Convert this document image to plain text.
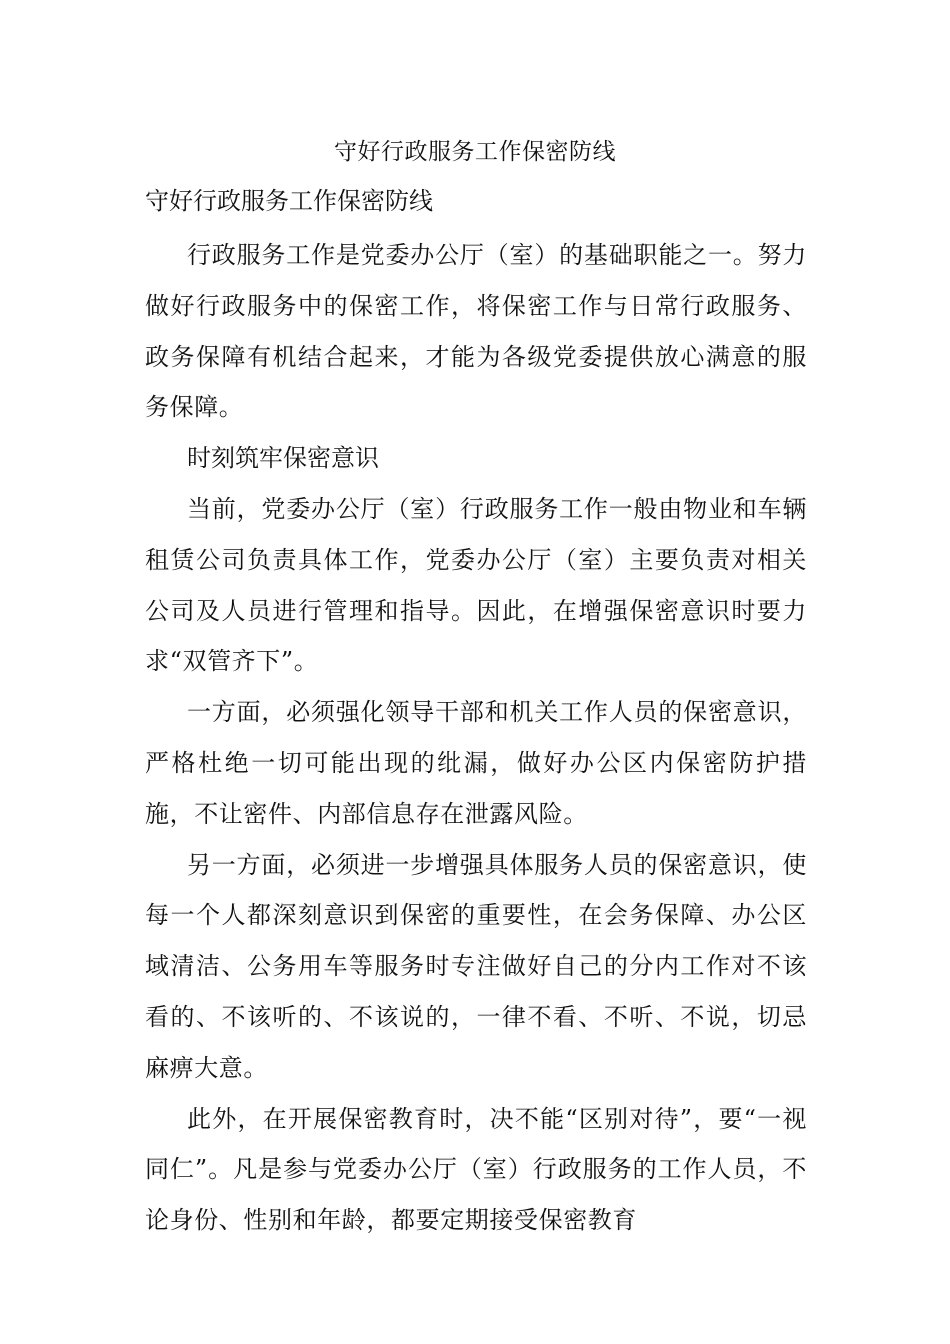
守好行政服务工作保密防线
守好行政服务工作保密防线

行政服务工作是党委办公厅（室）的基础职能之一。努力做好行政服务中的保密工作，将保密工作与日常行政服务、政务保障有机结合起来，才能为各级党委提供放心满意的服务保障。

时刻筑牢保密意识

当前，党委办公厅（室）行政服务工作一般由物业和车辆租赁公司负责具体工作，党委办公厅（室）主要负责对相关公司及人员进行管理和指导。因此，在增强保密意识时要力求“双管齐下”。

一方面，必须强化领导干部和机关工作人员的保密意识，严格杜绝一切可能出现的纰漏，做好办公区内保密防护措施，不让密件、内部信息存在泄露风险。

另一方面，必须进一步增强具体服务人员的保密意识，使每一个人都深刻意识到保密的重要性，在会务保障、办公区域清洁、公务用车等服务时专注做好自己的分内工作对不该看的、不该听的、不该说的，一律不看、不听、不说，切忌麻痹大意。

此外，在开展保密教育时，决不能“区别对待”，要“一视同仁”。凡是参与党委办公厅（室）行政服务的工作人员，不论身份、性别和年龄，都要定期接受保密教育
